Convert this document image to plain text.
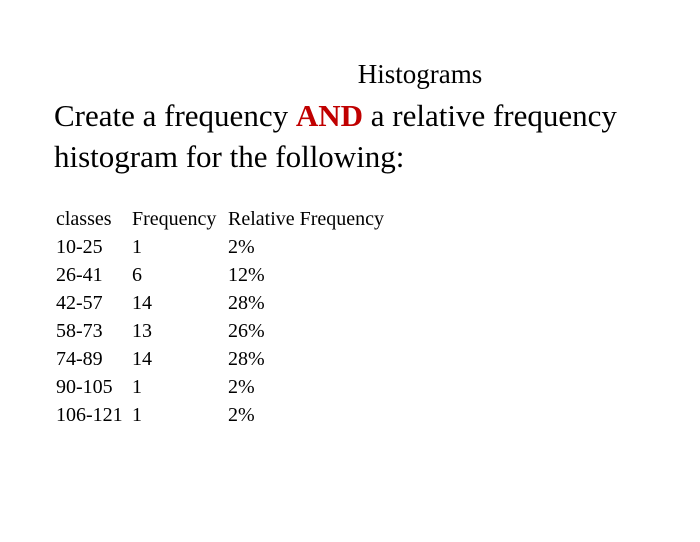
Histograms
Create a frequency AND a relative frequency histogram for the following:
classes	Frequency	Relative Frequency
10-25	1	2%
26-41	6	12%
42-57	14	28%
58-73	13	26%
74-89	14	28%
90-105	1	2%
106-121	1	2%
